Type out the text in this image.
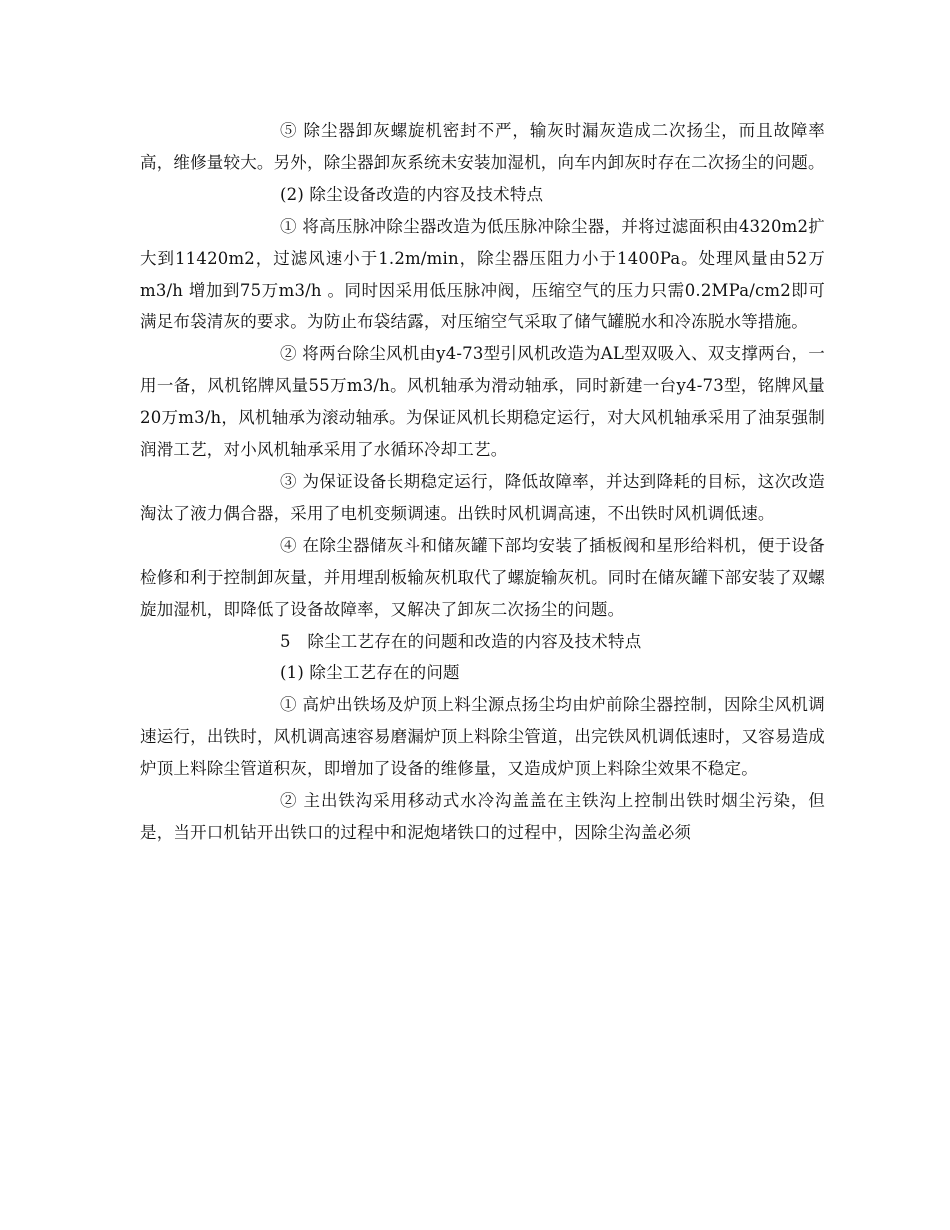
⑤ 除尘器卸灰螺旋机密封不严，输灰时漏灰造成二次扬尘，而且故障率高，维修量较大。另外，除尘器卸灰系统未安装加湿机，向车内卸灰时存在二次扬尘的问题。

(2) 除尘设备改造的内容及技术特点

① 将高压脉冲除尘器改造为低压脉冲除尘器，并将过滤面积由4320m2扩大到11420m2，过滤风速小于1.2m/min，除尘器压阻力小于1400Pa。处理风量由52万m3/h 增加到75万m3/h 。同时因采用低压脉冲阀，压缩空气的压力只需0.2MPa/cm2即可满足布袋清灰的要求。为防止布袋结露，对压缩空气采取了储气罐脱水和冷冻脱水等措施。

② 将两台除尘风机由y4-73型引风机改造为AL型双吸入、双支撑两台，一用一备，风机铭牌风量55万m3/h。风机轴承为滑动轴承，同时新建一台y4-73型，铭牌风量20万m3/h，风机轴承为滚动轴承。为保证风机长期稳定运行，对大风机轴承采用了油泵强制润滑工艺，对小风机轴承采用了水循环冷却工艺。

③ 为保证设备长期稳定运行，降低故障率，并达到降耗的目标，这次改造淘汰了液力偶合器，采用了电机变频调速。出铁时风机调高速，不出铁时风机调低速。

④ 在除尘器储灰斗和储灰罐下部均安装了插板阀和星形给料机，便于设备检修和利于控制卸灰量，并用埋刮板输灰机取代了螺旋输灰机。同时在储灰罐下部安装了双螺旋加湿机，即降低了设备故障率，又解决了卸灰二次扬尘的问题。

5　除尘工艺存在的问题和改造的内容及技术特点

(1) 除尘工艺存在的问题

① 高炉出铁场及炉顶上料尘源点扬尘均由炉前除尘器控制，因除尘风机调速运行，出铁时，风机调高速容易磨漏炉顶上料除尘管道，出完铁风机调低速时，又容易造成炉顶上料除尘管道积灰，即增加了设备的维修量，又造成炉顶上料除尘效果不稳定。

② 主出铁沟采用移动式水冷沟盖盖在主铁沟上控制出铁时烟尘污染，但是，当开口机钻开出铁口的过程中和泥炮堵铁口的过程中，因除尘沟盖必须
